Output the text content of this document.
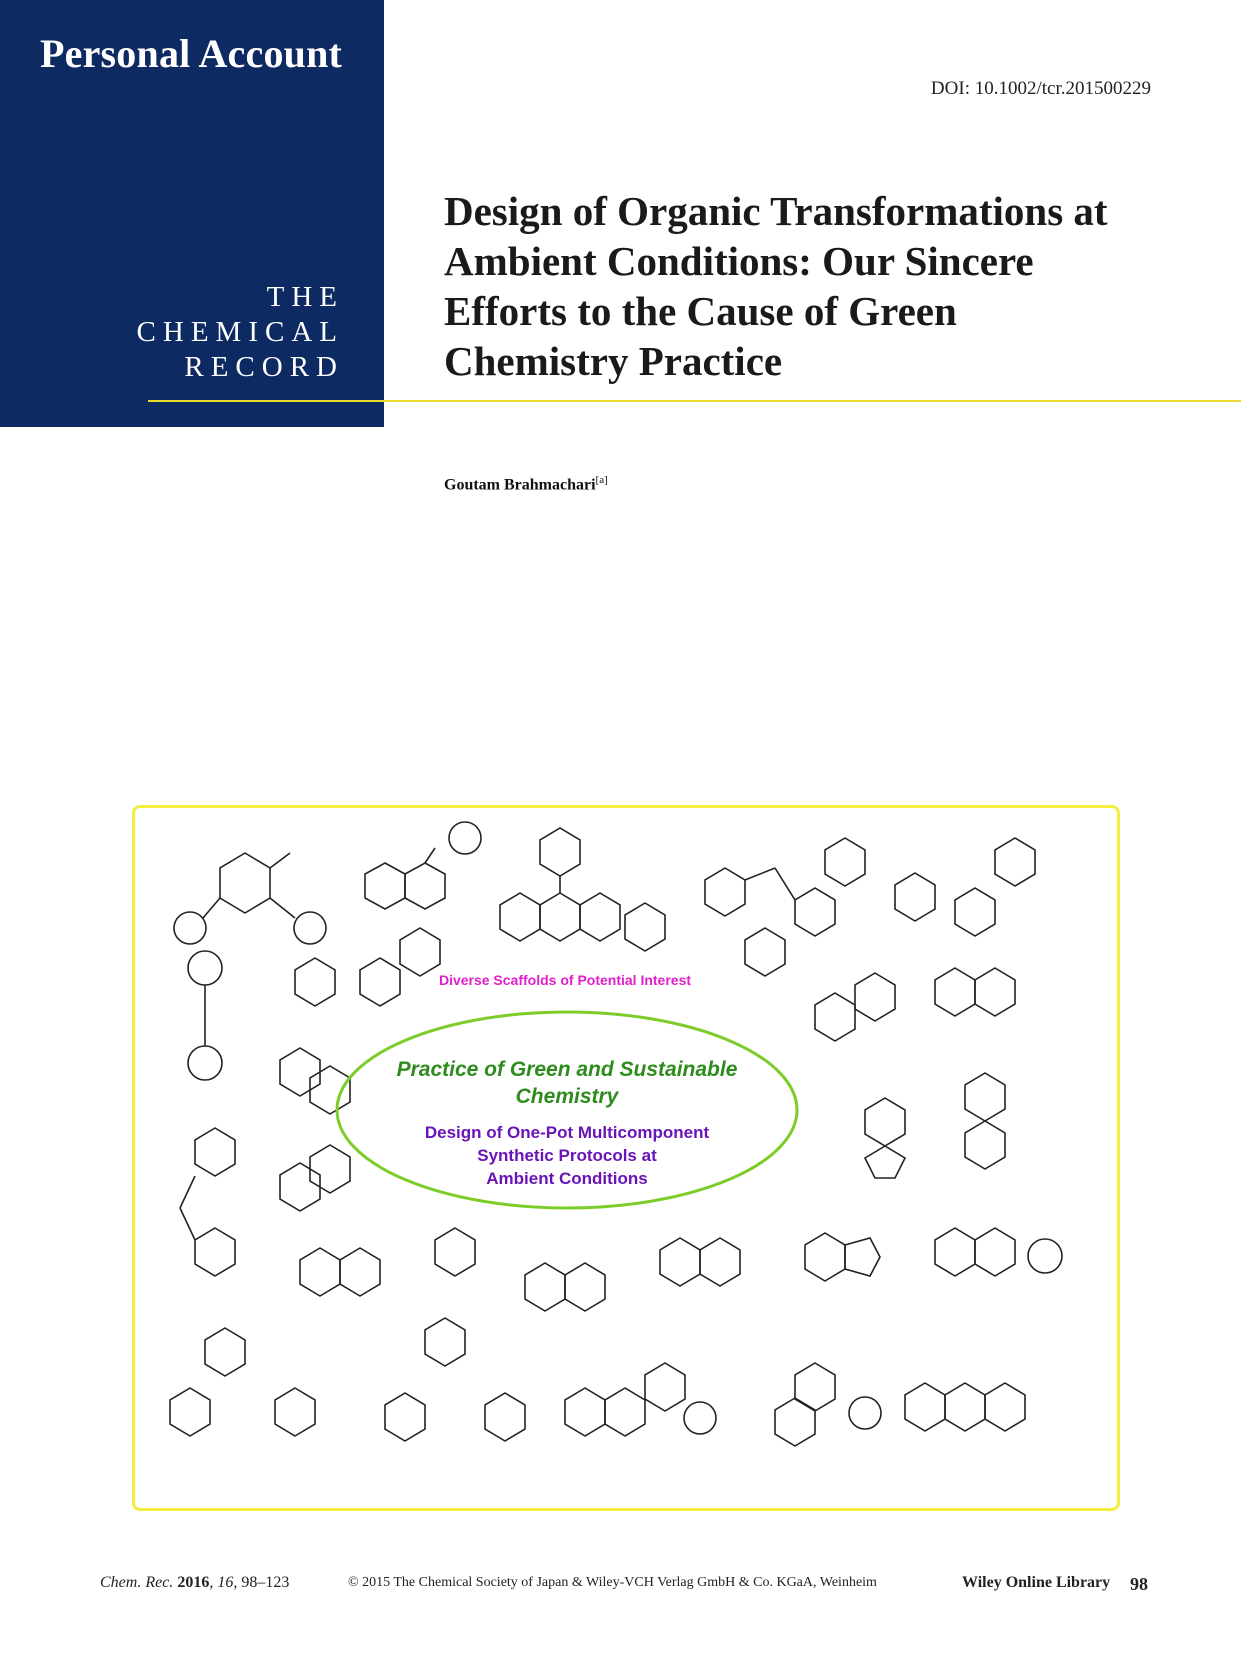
Personal Account
THE
CHEMICAL
RECORD
DOI: 10.1002/tcr.201500229
Design of Organic Transformations at Ambient Conditions: Our Sincere Efforts to the Cause of Green Chemistry Practice
Goutam Brahmachari[a]
Diverse Scaffolds of Potential Interest
Practice of Green and Sustainable
Chemistry
Design of One-Pot Multicomponent
Synthetic Protocols at
Ambient Conditions
Chem. Rec. 2016, 16, 98–123	© 2015 The Chemical Society of Japan & Wiley-VCH Verlag GmbH & Co. KGaA, Weinheim	Wiley Online Library 98
